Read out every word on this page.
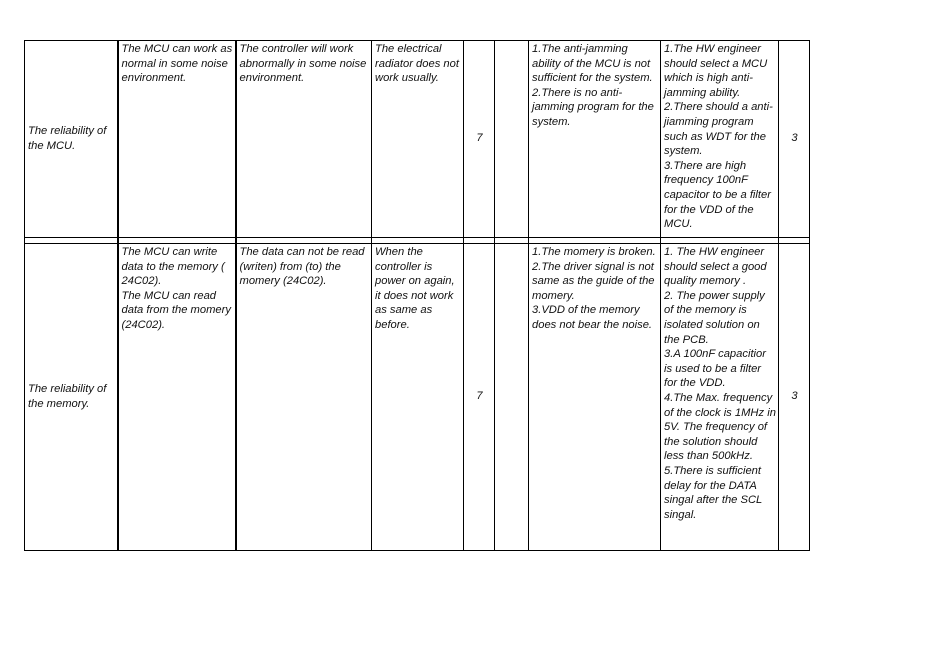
The reliability of the MCU.	The MCU can work as normal in some noise environment.	The controller will work abnormally in some noise environment.	The electrical radiator does not work usually.	7		1.The anti-jamming ability of the MCU is not sufficient for the system.
2.There is no anti-jamming program for the system.	1.The HW engineer should select a MCU which is high anti-jamming ability.
2.There should a anti-jiamming program such as WDT for the system.
3.There are high frequency 100nF capacitor to be a filter for the VDD of the MCU.	3

The reliability of the memory.	The MCU can write data to the memory ( 24C02).
The MCU can read data from the momery (24C02).	The data can not be read (writen) from (to) the momery (24C02).	When the controller is power on again, it does not work as same as before.	7		1.The momery is broken. 2.The driver signal is not same as the guide of the momery.
3.VDD of the memory does not bear the noise.	1. The HW engineer should select a good quality memory .
2. The power supply of the memory is isolated solution on the PCB.
3.A 100nF capacitior is used to be a filter for the VDD.
4.The Max. frequency of the clock is 1MHz in 5V. The frequency of the solution should less than 500kHz.
5.There is sufficient delay for the DATA singal after the SCL singal.	3
